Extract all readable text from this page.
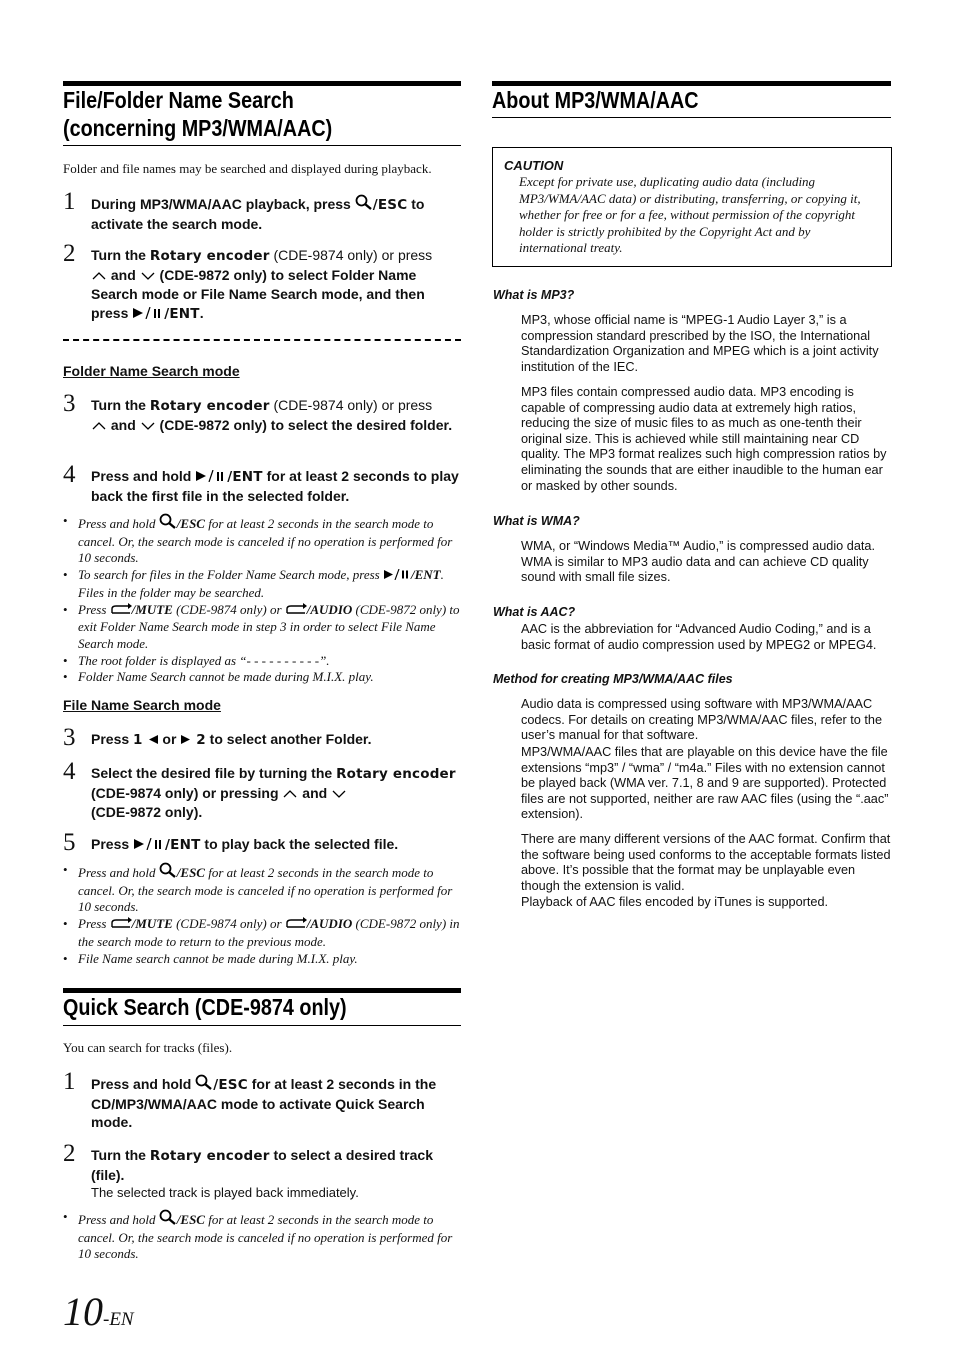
File/Folder Name Search
(concerning MP3/WMA/AAC)
Folder and file names may be searched and displayed during playback.
1 During MP3/WMA/AAC playback, press /ESC to activate the search mode.
2 Turn the Rotary encoder (CDE-9874 only) or press
and  (CDE-9872 only) to select Folder Name Search mode or File Name Search mode, and then press /ENT.
Folder Name Search mode
3 Turn the Rotary encoder (CDE-9874 only) or press
and  (CDE-9872 only) to select the desired folder.
4 Press and hold /ENT for at least 2 seconds to play back the first file in the selected folder.
• Press and hold /ESC for at least 2 seconds in the search mode to cancel. Or, the search mode is canceled if no operation is performed for 10 seconds.
• To search for files in the Folder Name Search mode, press /ENT. Files in the folder may be searched.
• Press /MUTE (CDE-9874 only) or /AUDIO (CDE-9872 only) to exit Folder Name Search mode in step 3 in order to select File Name Search mode.
• The root folder is displayed as “- - - - - - - - - -”.
• Folder Name Search cannot be made during M.I.X. play.
File Name Search mode
3 Press 1  or  2 to select another Folder.
4 Select the desired file by turning the Rotary encoder (CDE-9874 only) or pressing  and
(CDE-9872 only).
5 Press /ENT to play back the selected file.
• Press and hold /ESC for at least 2 seconds in the search mode to cancel. Or, the search mode is canceled if no operation is performed for 10 seconds.
• Press /MUTE (CDE-9874 only) or /AUDIO (CDE-9872 only) in the search mode to return to the previous mode.
• File Name search cannot be made during M.I.X. play.
Quick Search (CDE-9874 only)
You can search for tracks (files).
1 Press and hold /ESC for at least 2 seconds in the CD/MP3/WMA/AAC mode to activate Quick Search mode.
2 Turn the Rotary encoder to select a desired track (file).
The selected track is played back immediately.
• Press and hold /ESC for at least 2 seconds in the search mode to cancel. Or, the search mode is canceled if no operation is performed for 10 seconds.
About MP3/WMA/AAC
CAUTION
Except for private use, duplicating audio data (including MP3/WMA/AAC data) or distributing, transferring, or copying it, whether for free or for a fee, without permission of the copyright holder is strictly prohibited by the Copyright Act and by international treaty.
What is MP3?
MP3, whose official name is “MPEG-1 Audio Layer 3,” is a compression standard prescribed by the ISO, the International Standardization Organization and MPEG which is a joint activity institution of the IEC.
MP3 files contain compressed audio data. MP3 encoding is capable of compressing audio data at extremely high ratios, reducing the size of music files to as much as one-tenth their original size. This is achieved while still maintaining near CD quality. The MP3 format realizes such high compression ratios by eliminating the sounds that are either inaudible to the human ear or masked by other sounds.
What is WMA?
WMA, or “Windows Media™ Audio,” is compressed audio data. WMA is similar to MP3 audio data and can achieve CD quality sound with small file sizes.
What is AAC?
AAC is the abbreviation for “Advanced Audio Coding,” and is a basic format of audio compression used by MPEG2 or MPEG4.
Method for creating MP3/WMA/AAC files
Audio data is compressed using software with MP3/WMA/AAC codecs. For details on creating MP3/WMA/AAC files, refer to the user’s manual for that software.
MP3/WMA/AAC files that are playable on this device have the file extensions “mp3” / “wma” / “m4a.” Files with no extension cannot be played back (WMA ver. 7.1, 8 and 9 are supported). Protected files are not supported, neither are raw AAC files (using the “.aac” extension).
There are many different versions of the AAC format. Confirm that the software being used conforms to the acceptable formats listed above. It’s possible that the format may be unplayable even though the extension is valid.
Playback of AAC files encoded by iTunes is supported.
10-EN
